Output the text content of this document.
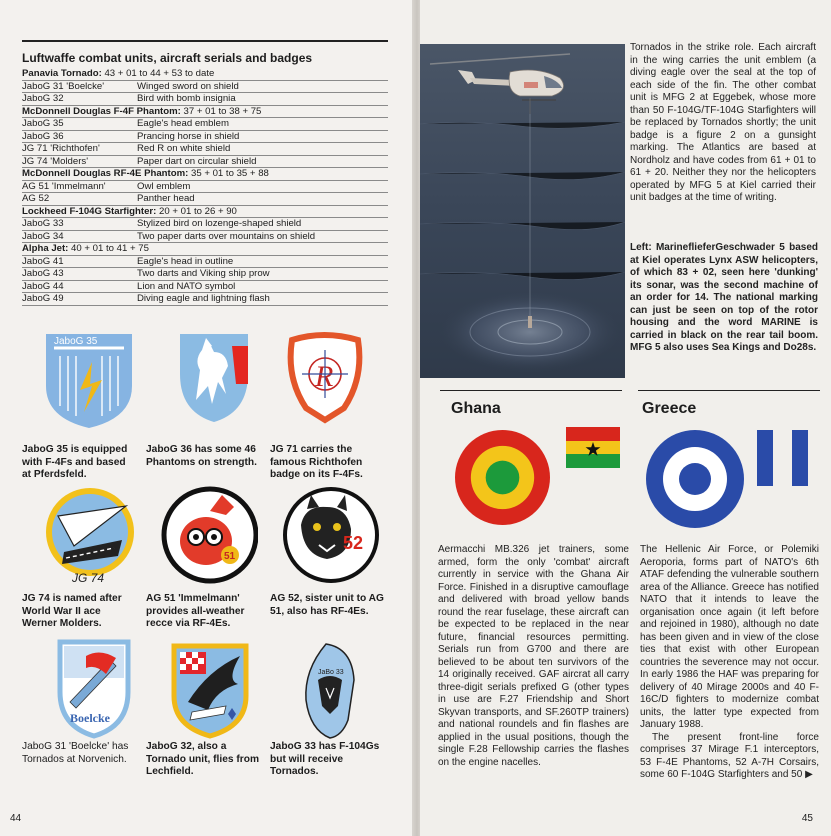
Luftwaffe combat units, aircraft serials and badges
Panavia Tornado: 43 + 01 to 44 + 53 to date
JaboG 31 'Boelcke'	Winged sword on shield
JaboG 32	Bird with bomb insignia
McDonnell Douglas F-4F Phantom: 37 + 01 to 38 + 75
JaboG 35	Eagle's head emblem
JaboG 36	Prancing horse in shield
JG 71 'Richthofen'	Red R on white shield
JG 74 'Molders'	Paper dart on circular shield
McDonnell Douglas RF-4E Phantom: 35 + 01 to 35 + 88
AG 51 'Immelmann'	Owl emblem
AG 52	Panther head
Lockheed F-104G Starfighter: 20 + 01 to 26 + 90
JaboG 33	Stylized bird on lozenge-shaped shield
JaboG 34	Two paper darts over mountains on shield
Alpha Jet: 40 + 01 to 41 + 75
JaboG 41	Eagle's head in outline
JaboG 43	Two darts and Viking ship prow
JaboG 44	Lion and NATO symbol
JaboG 49	Diving eagle and lightning flash
JaboG 35
R
JaboG 35 is equipped with F-4Fs and based at Pferdsfeld.
JaboG 36 has some 46 Phantoms on strength.
JG 71 carries the famous Richthofen badge on its F-4Fs.
JG 74
51
52
JG 74 is named after World War II ace Werner Molders.
AG 51 'Immelmann' provides all-weather recce via RF-4Es.
AG 52, sister unit to AG 51, also has RF-4Es.
Boelcke
JaBo 33
JaboG 31 'Boelcke' has Tornados at Norvenich.
JaboG 32, also a Tornado unit, flies from Lechfield.
JaboG 33 has F-104Gs but will receive Tornados.
44

Tornados in the strike role. Each aircraft in the wing carries the unit emblem (a diving eagle over the seal at the top of each side of the fin. The other combat unit is MFG 2 at Eggebek, whose more than 50 F-104G/TF-104G Starfighters will be replaced by Tornados shortly; the unit badge is a figure 2 on a gunsight marking. The Atlantics are based at Nordholz and have codes from 61 + 01 to 61 + 20. Neither they nor the helicopters operated by MFG 5 at Kiel carried their unit badges at the time of writing.

Left: MarineflieferGeschwader 5 based at Kiel operates Lynx ASW helicopters, of which 83 + 02, seen here 'dunking' its sonar, was the second machine of an order for 14. The national marking can just be seen on top of the rotor housing and the word MARINE is carried in black on the rear tail boom. MFG 5 also uses Sea Kings and Do28s.

Ghana

Aermacchi MB.326 jet trainers, some armed, form the only 'combat' aircraft currently in service with the Ghana Air Force. Finished in a disruptive camouflage and delivered with broad yellow bands round the rear fuselage, these aircraft can be expected to be replaced in the near future, financial resources permitting. Serials run from G700 and there are believed to be about ten survivors of the 14 originally received. GAF aircrat all carry three-digit serials prefixed G (other types in use are F.27 Friendship and Short Skyvan transports, and SF.260TP trainers) and national roundels and fin flashes are applied in the usual positions, though the single F.28 Fellowship carries the flashes on the engine nacelles.

Greece

The Hellenic Air Force, or Polemiki Aeroporia, forms part of NATO's 6th ATAF defending the vulnerable southern area of the Alliance. Greece has notified NATO that it intends to leave the organisation once again (it left before and rejoined in 1980), although no date has been given and in view of the close ties that exist with other European countries the severence may not occur. In early 1986 the HAF was preparing for delivery of 40 Mirage 2000s and 40 F-16C/D fighters to modernize combat units, the latter type expected from January 1988.

The present front-line force comprises 37 Mirage F.1 interceptors, 53 F-4E Phantoms, 52 A-7H Corsairs, some 60 F-104G Starfighters and 50 ▶

45
